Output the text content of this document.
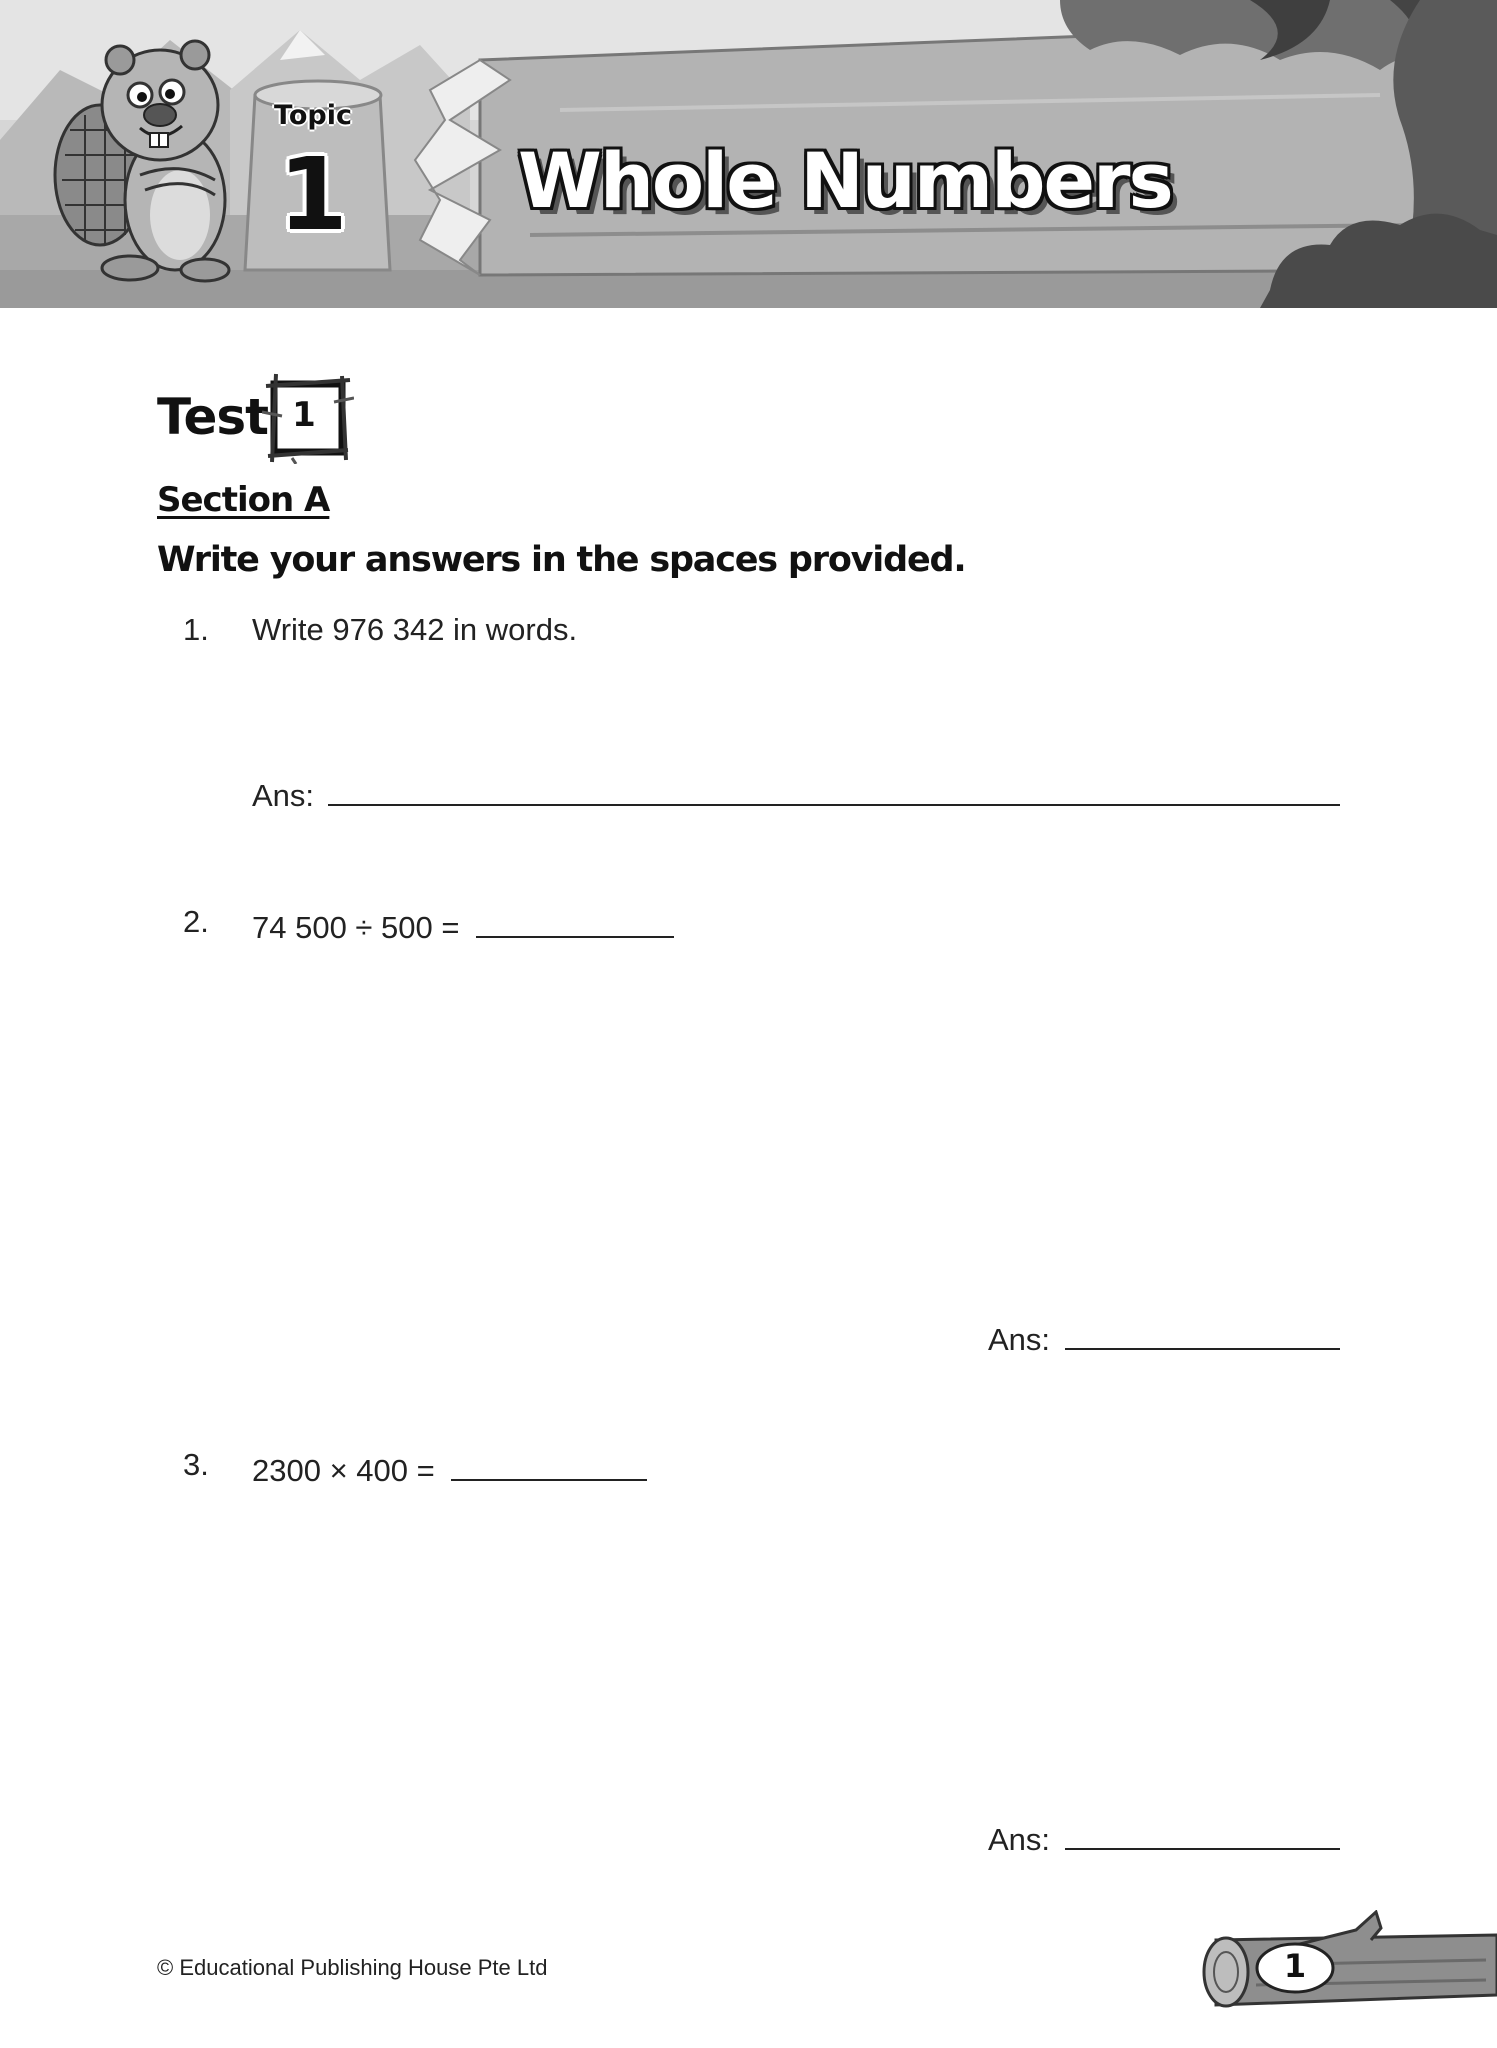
Topic
1 Whole Numbers
Test 1
Section A
Write your answers in the spaces provided.
1. Write 976 342 in words.
Ans:
2. 74 500 ÷ 500 =
Ans:
3. 2300 × 400 =
Ans:
© Educational Publishing House Pte Ltd	1
